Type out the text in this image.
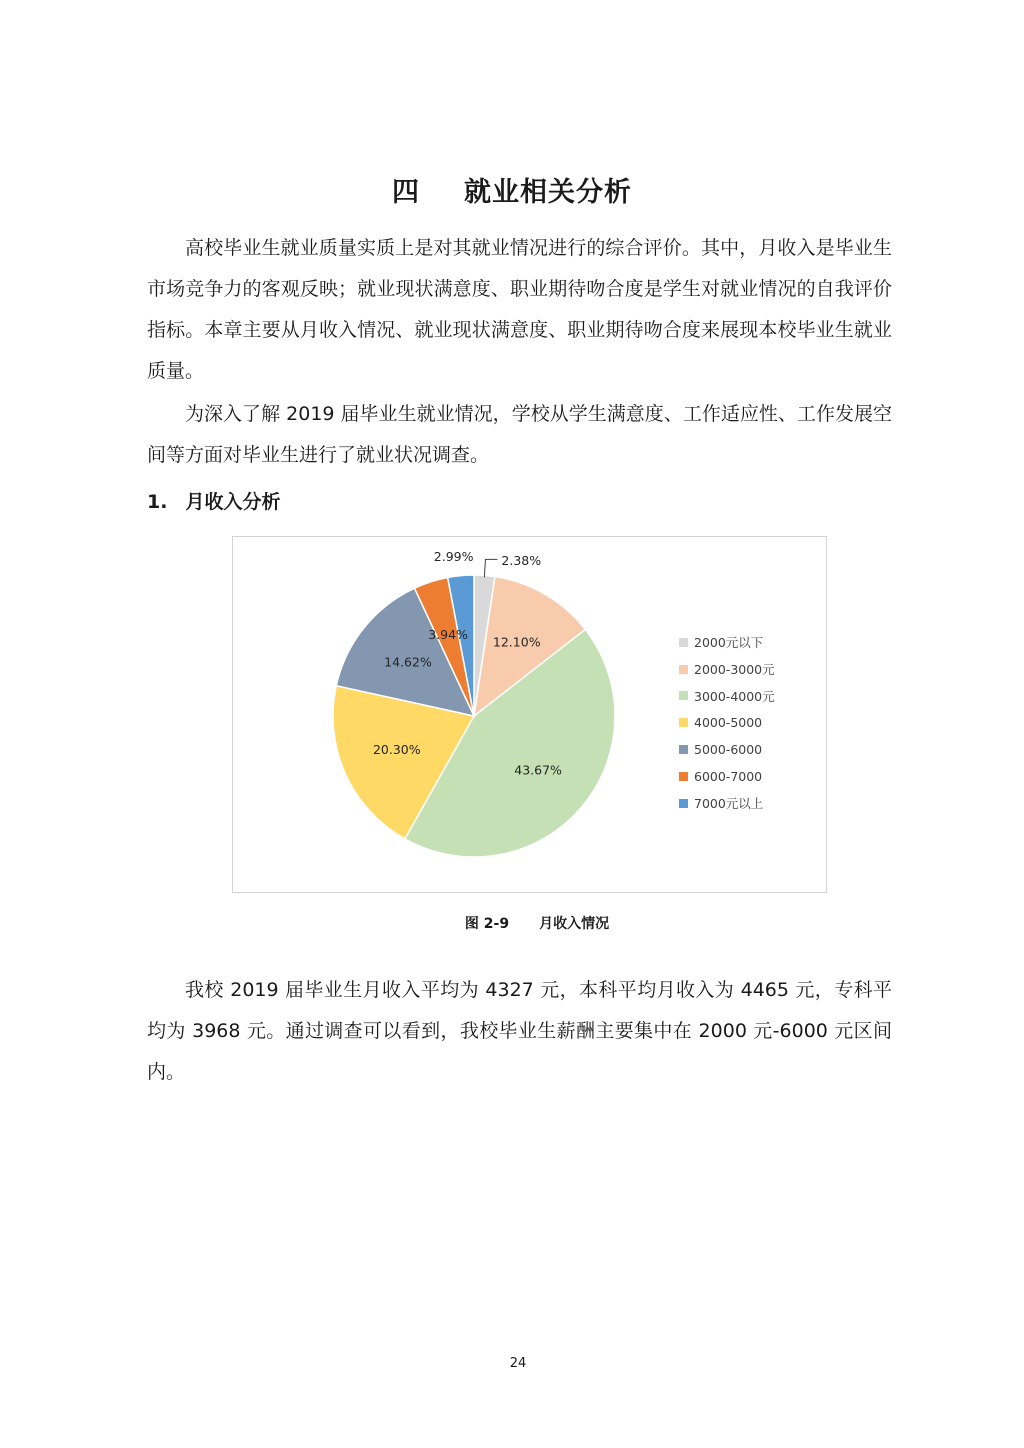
四 就业相关分析

高校毕业生就业质量实质上是对其就业情况进行的综合评价。其中，月收入是毕业生市场竞争力的客观反映；就业现状满意度、职业期待吻合度是学生对就业情况的自我评价指标。本章主要从月收入情况、就业现状满意度、职业期待吻合度来展现本校毕业生就业质量。

为深入了解 2019 届毕业生就业情况，学校从学生满意度、工作适应性、工作发展空间等方面对毕业生进行了就业状况调查。

1. 月收入分析
2.38%
12.10%
43.67%
20.30%
14.62%
3.94%
2.99%
2000元以下
2000-3000元
3000-4000元
4000-5000
5000-6000
6000-7000
7000元以上

图 2-9 月收入情况

我校 2019 届毕业生月收入平均为 4327 元，本科平均月收入为 4465 元，专科平均为 3968 元。通过调查可以看到，我校毕业生薪酬主要集中在 2000 元-6000 元区间内。

24
